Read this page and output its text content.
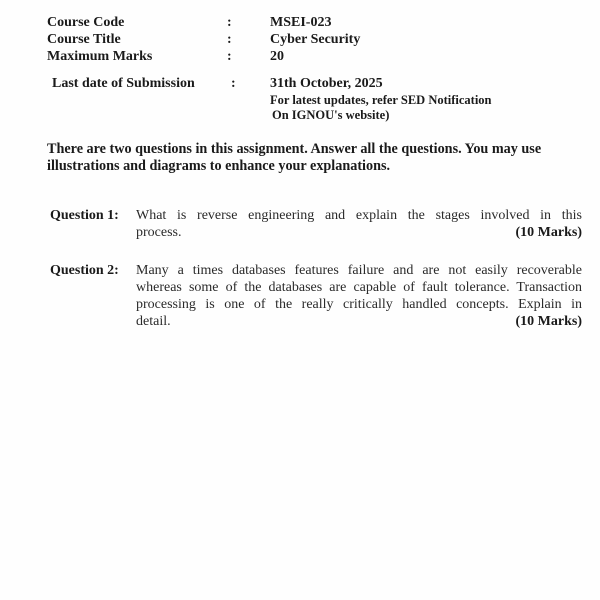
Course Code	:	MSEI-023
Course Title	:	Cyber Security
Maximum Marks	:	20
Last date of Submission	: 31th October, 2025
For latest updates, refer SED Notification
On IGNOU's website)
There are two questions in this assignment. Answer all the questions. You may use
illustrations and diagrams to enhance your explanations.
Question 1: What is reverse engineering and explain the stages involved in this
process.	(10 Marks)
Question 2: Many a times databases features failure and are not easily recoverable
whereas some of the databases are capable of fault tolerance. Transaction
processing is one of the really critically handled concepts. Explain in
detail.	(10 Marks)
